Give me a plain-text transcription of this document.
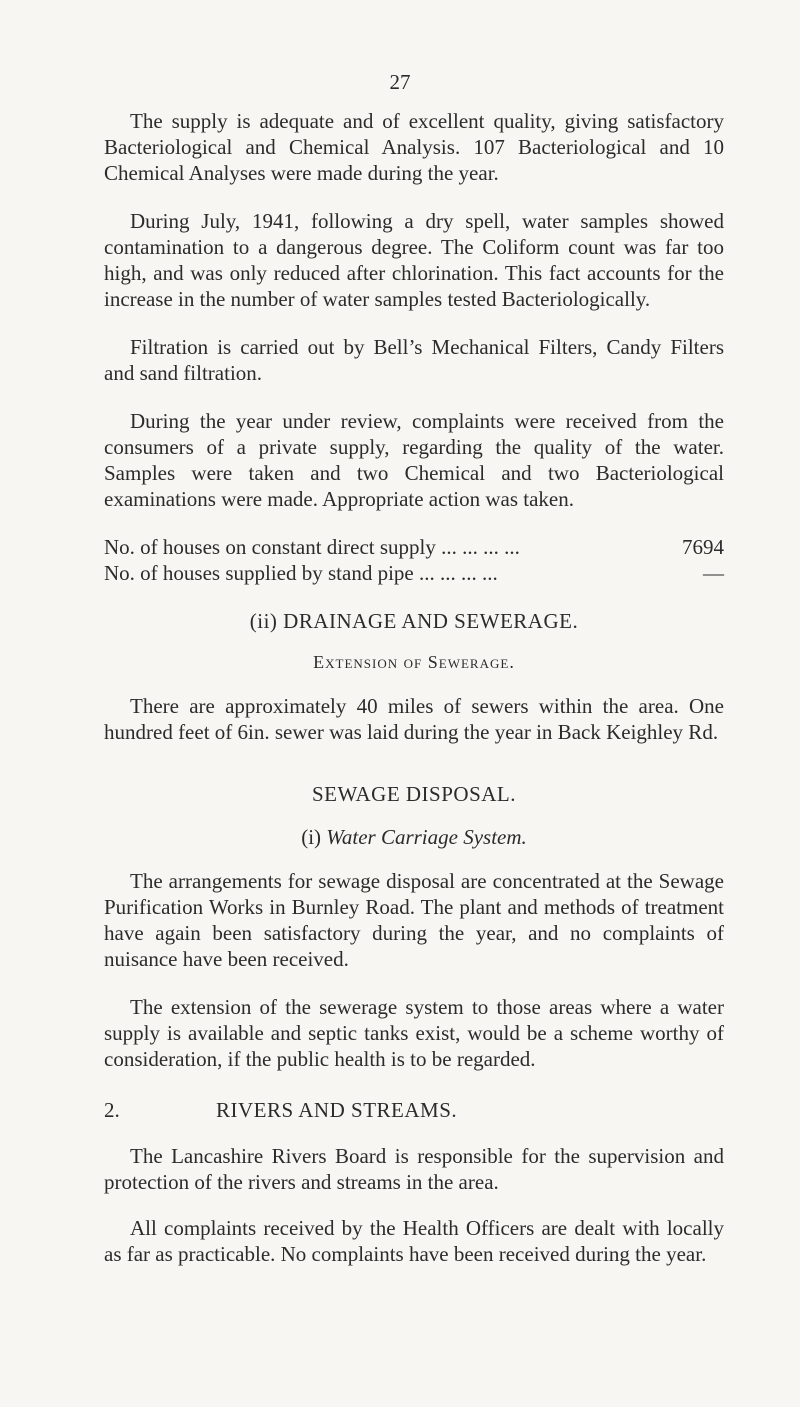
27

The supply is adequate and of excellent quality, giving satisfactory Bacteriological and Chemical Analysis. 107 Bacteriological and 10 Chemical Analyses were made during the year.

During July, 1941, following a dry spell, water samples showed contamination to a dangerous degree. The Coliform count was far too high, and was only reduced after chlorination. This fact accounts for the increase in the number of water samples tested Bacteriologically.

Filtration is carried out by Bell’s Mechanical Filters, Candy Filters and sand filtration.

During the year under review, complaints were received from the consumers of a private supply, regarding the quality of the water. Samples were taken and two Chemical and two Bacteriological examinations were made. Appropriate action was taken.

No. of houses on constant direct supply ... ... ... ...	7694
No. of houses supplied by stand pipe ... ... ... ...	—
(ii) DRAINAGE AND SEWERAGE.
Extension of Sewerage.

There are approximately 40 miles of sewers within the area. One hundred feet of 6in. sewer was laid during the year in Back Keighley Rd.

SEWAGE DISPOSAL.
(i) Water Carriage System.

The arrangements for sewage disposal are concentrated at the Sewage Purification Works in Burnley Road. The plant and methods of treatment have again been satisfactory during the year, and no complaints of nuisance have been received.

The extension of the sewerage system to those areas where a water supply is available and septic tanks exist, would be a scheme worthy of consideration, if the public health is to be regarded.

2.	RIVERS AND STREAMS.

The Lancashire Rivers Board is responsible for the supervision and protection of the rivers and streams in the area.

All complaints received by the Health Officers are dealt with locally as far as practicable. No complaints have been received during the year.
